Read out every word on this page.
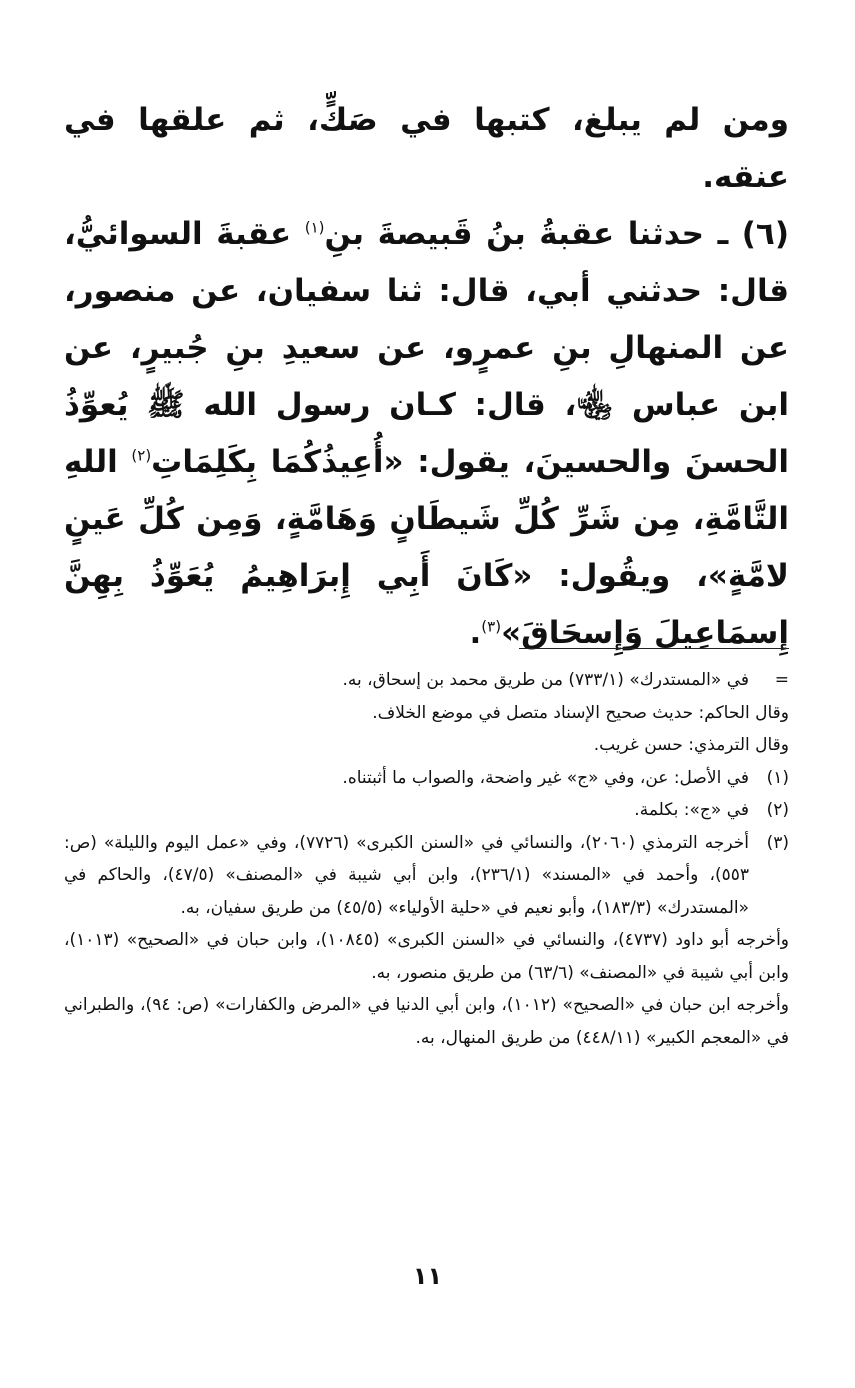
ومن لم يبلغ، كتبها في صَكٍّ، ثم علقها في عنقه.

(٦) ـ حدثنا عقبةُ بنُ قَبيصةَ بنِ$^{(١)}$ عقبةَ السوائيُّ، قال: حدثني أبي، قال: ثنا سفيان، عن منصور، عن المنهالِ بنِ عمرٍو، عن سعيدِ بنِ جُبيرٍ، عن ابن عباس ﵄، قال: كـان رسول الله ﷺ يُعوِّذُ الحسنَ والحسينَ، يقول: «أُعِيذُكُمَا بِكَلِمَاتِ$^{(٢)}$ اللهِ التَّامَّةِ، مِن شَرِّ كُلِّ شَيطَانٍ وَهَامَّةٍ، وَمِن كُلِّ عَينٍ لامَّةٍ»، ويقُول: «كَانَ أَبِي إِبرَاهِيمُ يُعَوِّذُ بِهِنَّ إِسمَاعِيلَ وَإِسحَاقَ»$^{(٣)}$.

=
في «المستدرك» (٧٣٣/١) من طريق محمد بن إسحاق، به.

وقال الحاكم: حديث صحيح الإسناد متصل في موضع الخلاف.

وقال الترمذي: حسن غريب.

(١)
في الأصل: عن، وفي «ج» غير واضحة، والصواب ما أثبتناه.
(٢)
في «ج»: بكلمة.
(٣)
أخرجه الترمذي (٢٠٦٠)، والنسائي في «السنن الكبرى» (٧٧٢٦)، وفي «عمل اليوم والليلة» (ص: ٥٥٣)، وأحمد في «المسند» (٢٣٦/١)، وابن أبي شيبة في «المصنف» (٤٧/٥)، والحاكم في «المستدرك» (١٨٣/٣)، وأبو نعيم في «حلية الأولياء» (٤٥/٥) من طريق سفيان، به.

وأخرجه أبو داود (٤٧٣٧)، والنسائي في «السنن الكبرى» (١٠٨٤٥)، وابن حبان في «الصحيح» (١٠١٣)، وابن أبي شيبة في «المصنف» (٦٣/٦) من طريق منصور، به.

وأخرجه ابن حبان في «الصحيح» (١٠١٢)، وابن أبي الدنيا في «المرض والكفارات» (ص: ٩٤)، والطبراني في «المعجم الكبير» (٤٤٨/١١) من طريق المنهال، به.

١١
